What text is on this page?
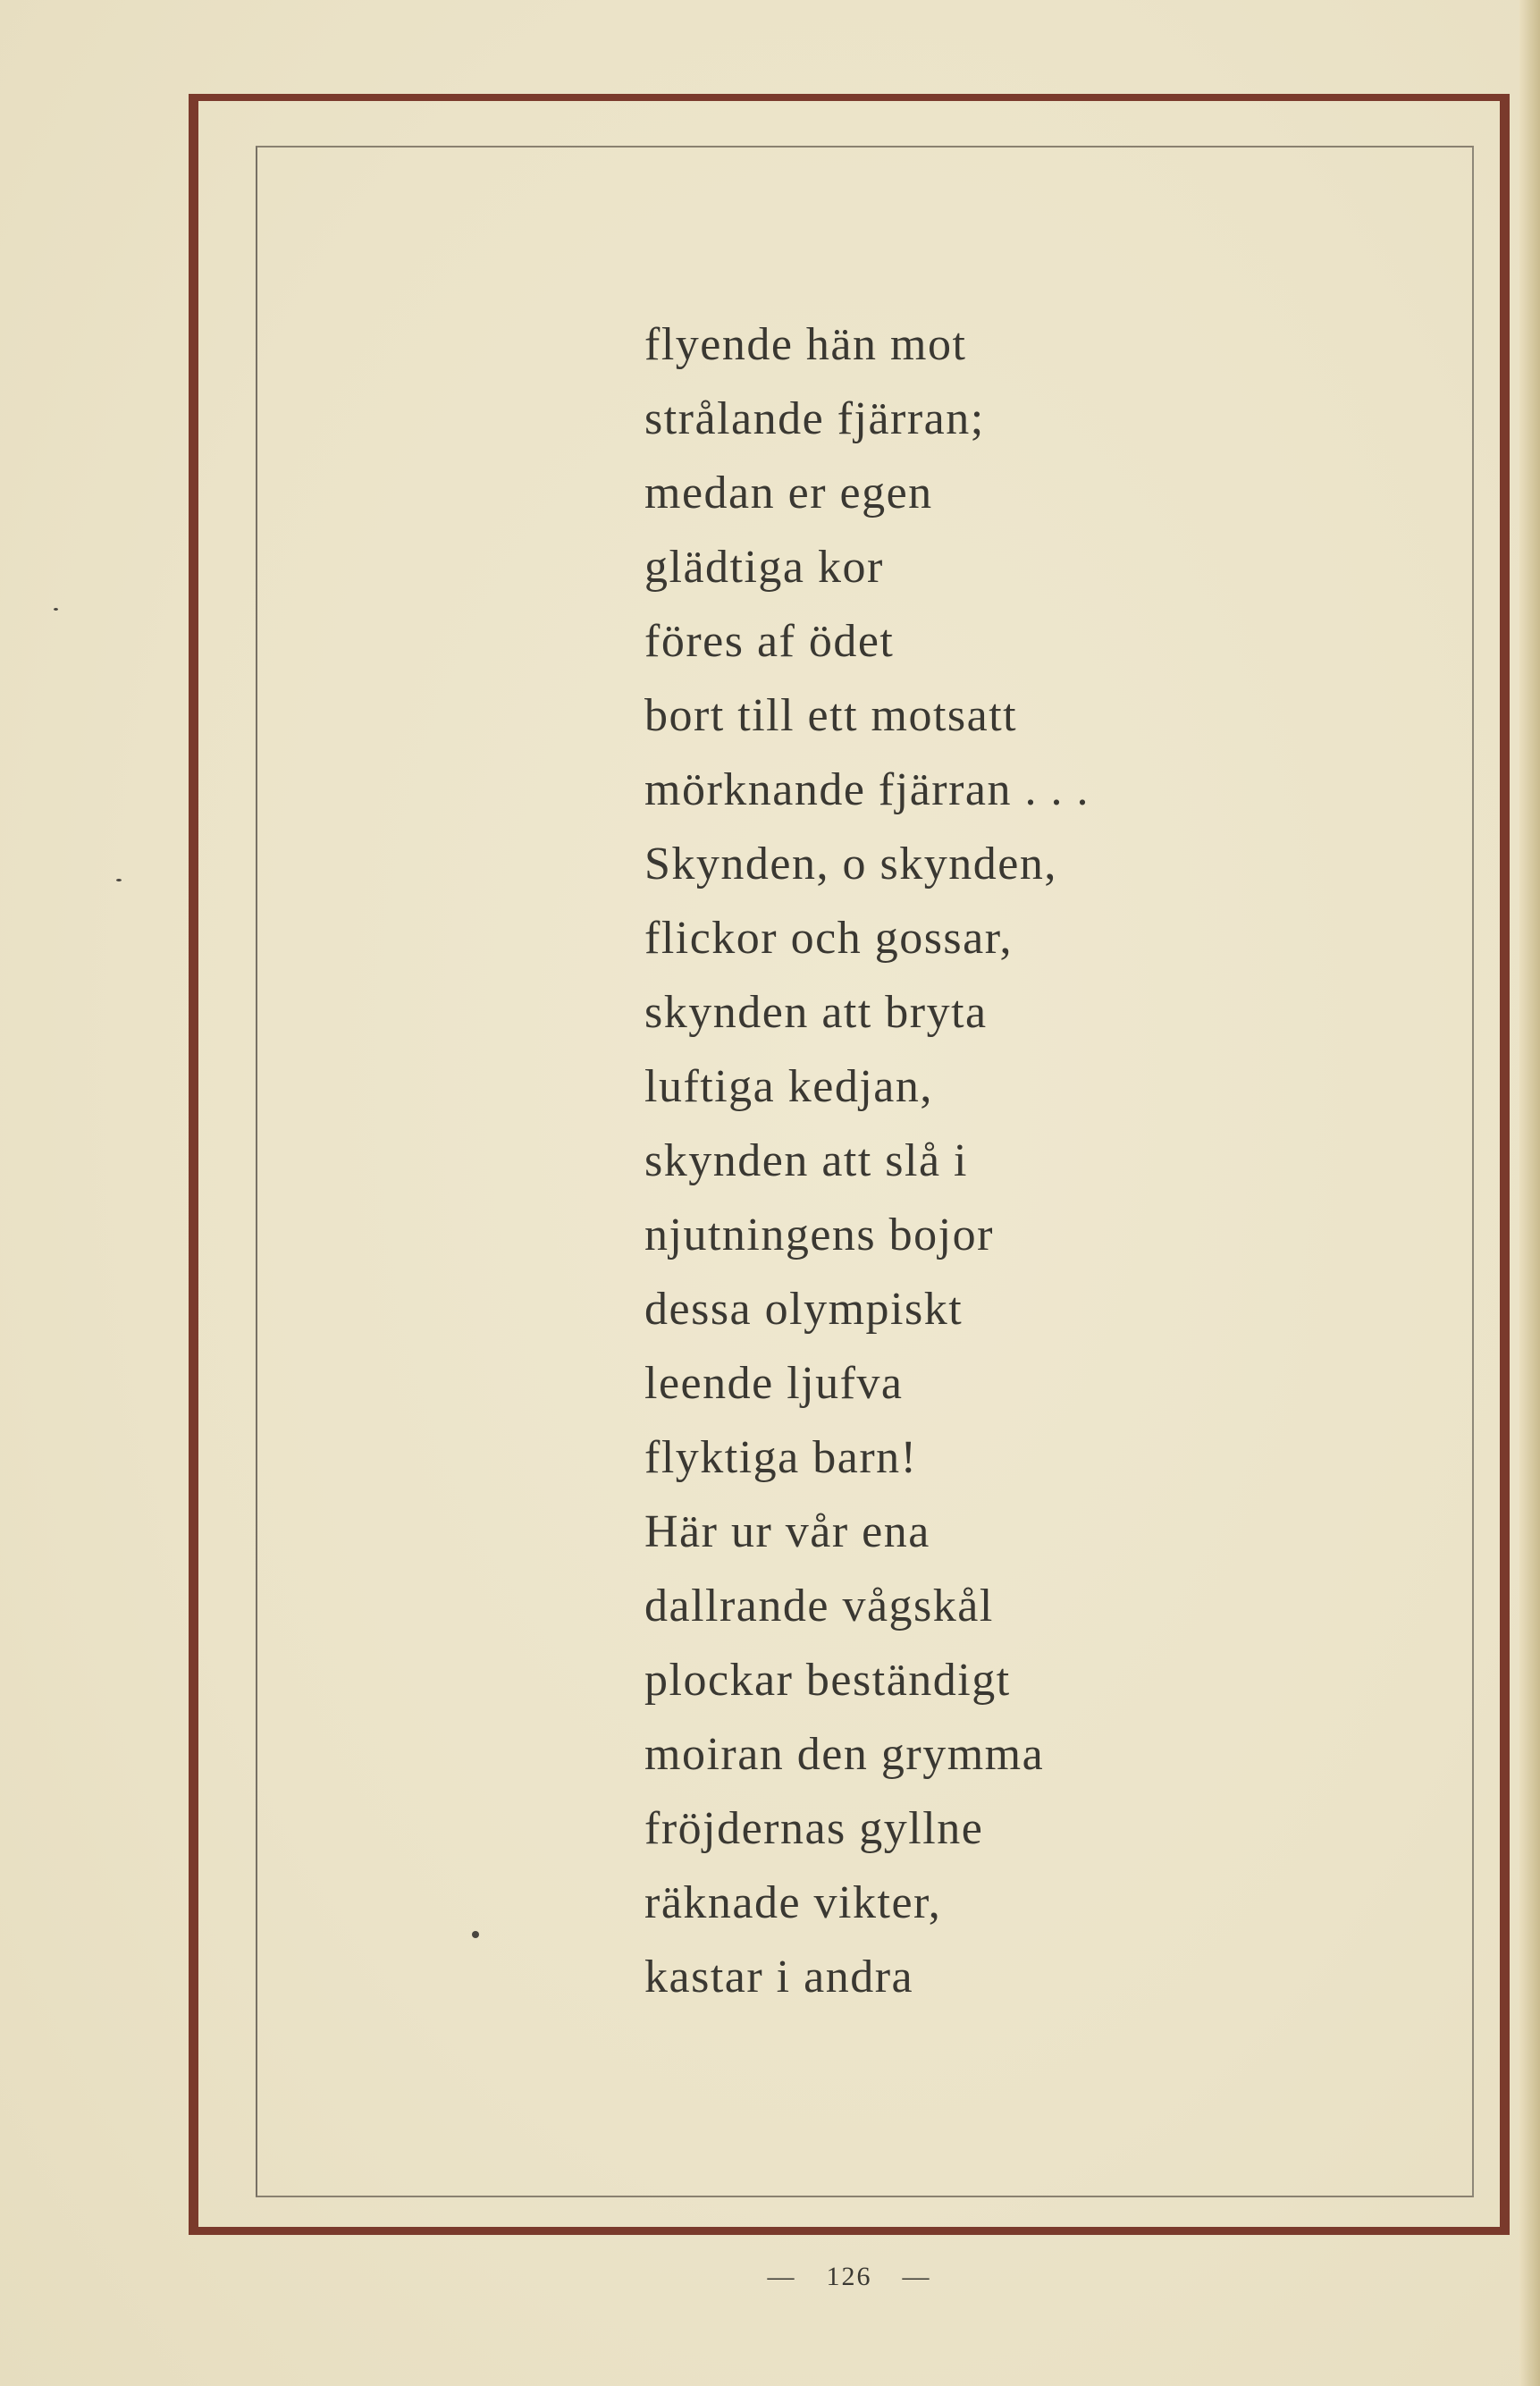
flyende hän mot
strålande fjärran;
medan er egen
glädtiga kor
föres af ödet
bort till ett motsatt
mörknande fjärran . . .
Skynden, o skynden,
flickor och gossar,
skynden att bryta
luftiga kedjan,
skynden att slå i
njutningens bojor
dessa olympiskt
leende ljufva
flyktiga barn!
Här ur vår ena
dallrande vågskål
plockar beständigt
moiran den grymma
fröjdernas gyllne
räknade vikter,
kastar i andra
— 126 —
